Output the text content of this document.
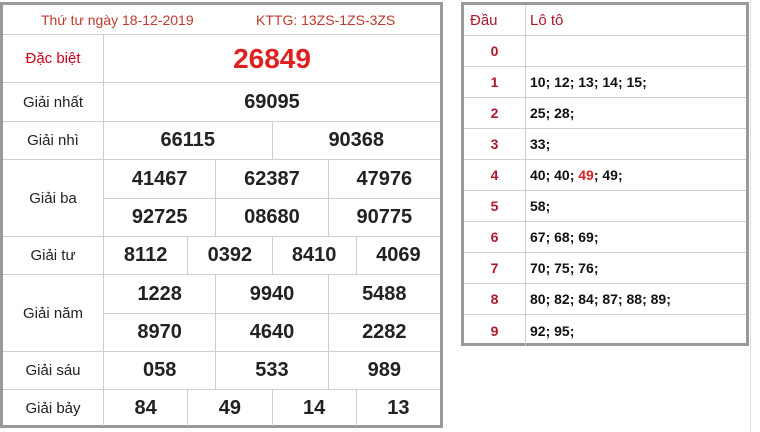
Thứ tư ngày 18-12-2019	KTTG: 13ZS-1ZS-3ZS
Đặc biệt	26849
Giải nhất	69095
Giải nhì	66115	90368
Giải ba
41467	62387	47976
92725	08680	90775
Giải tư	8112	0392	8410	4069
Giải năm
1228	9940	5488
8970	4640	2282
Giải sáu	058	533	989
Giải bảy	84	49	14	13
Đầu	Lô tô
0
1	10; 12; 13; 14; 15;
2	25; 28;
3	33;
4	40; 40; 49 ; 49;
5	58;
6	67; 68; 69;
7	70; 75; 76;
8	80; 82; 84; 87; 88; 89;
9	92; 95;
